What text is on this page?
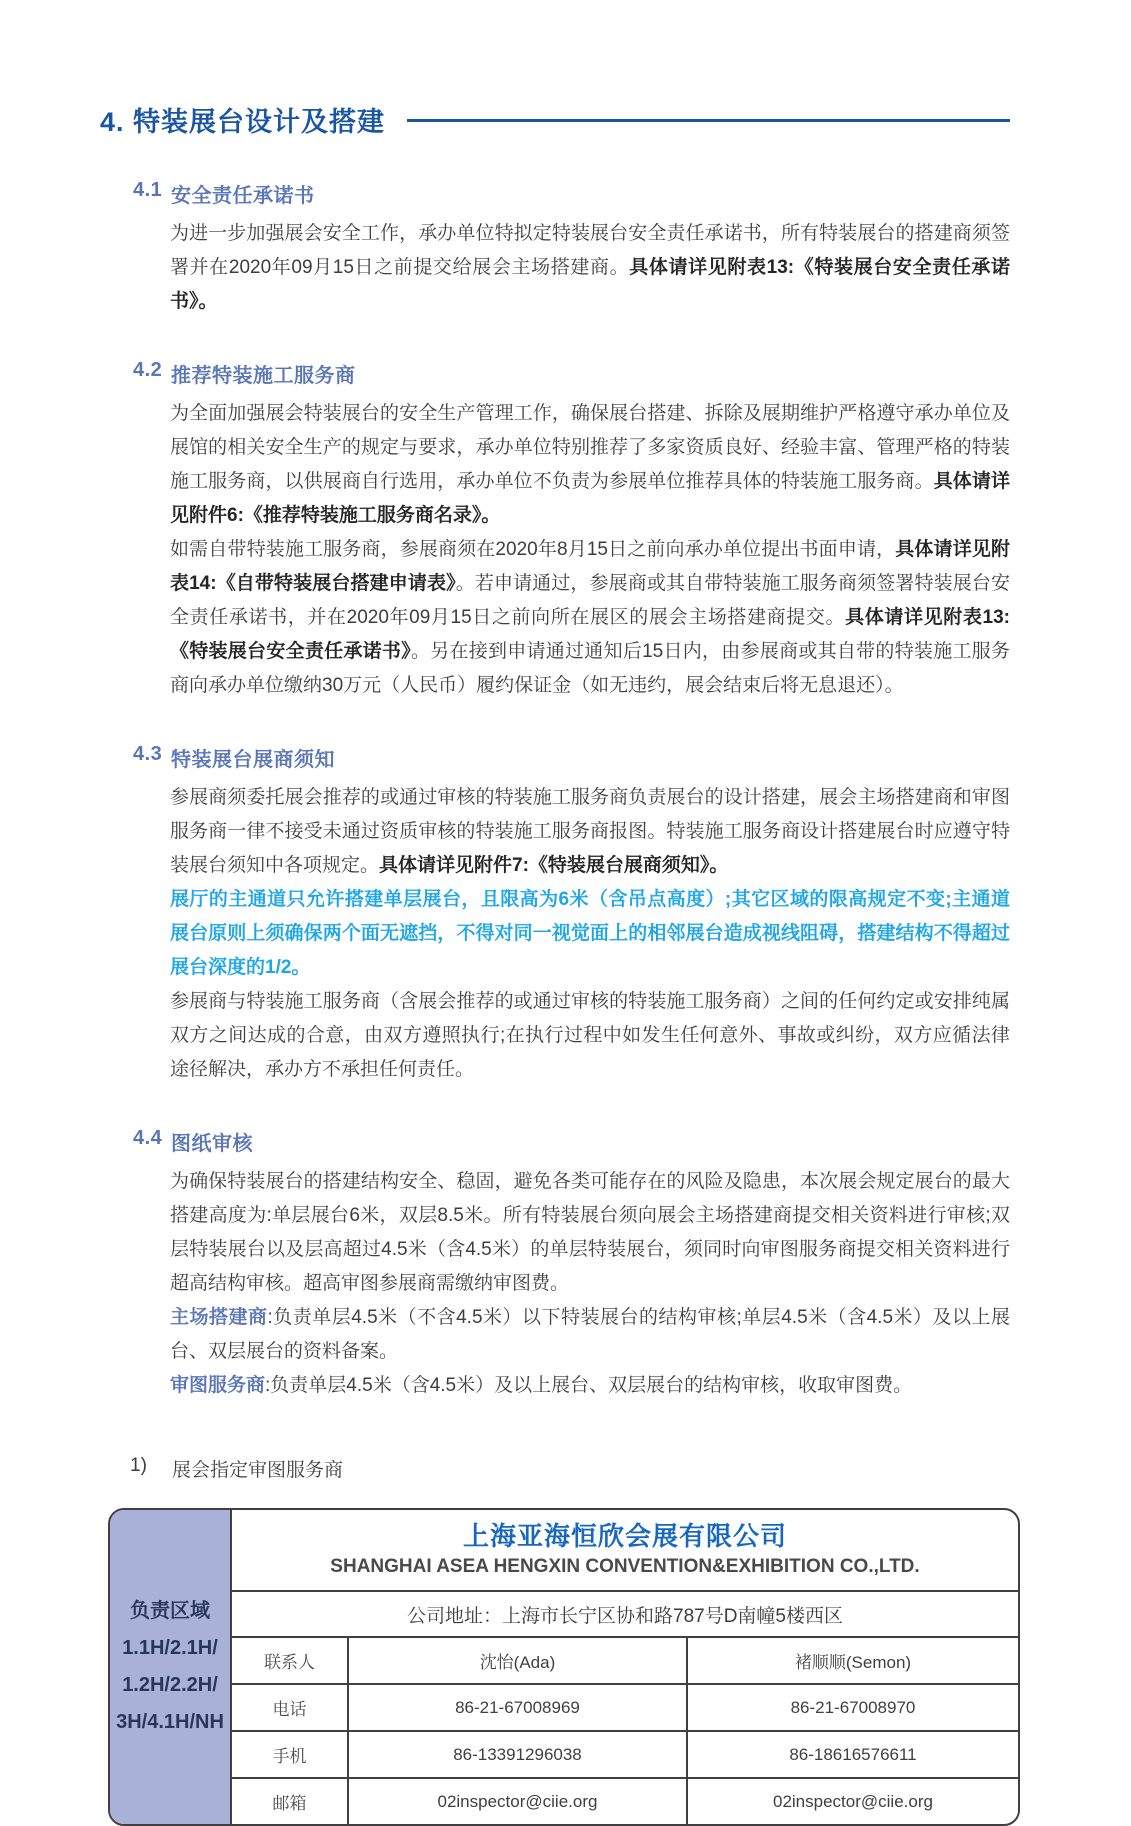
4. 特装展台设计及搭建
4.1 安全责任承诺书

为进一步加强展会安全工作，承办单位特拟定特装展台安全责任承诺书，所有特装展台的搭建商须签署并在2020年09月15日之前提交给展会主场搭建商。具体请详见附表13:《特装展台安全责任承诺书》。

4.2 推荐特装施工服务商

为全面加强展会特装展台的安全生产管理工作，确保展台搭建、拆除及展期维护严格遵守承办单位及展馆的相关安全生产的规定与要求，承办单位特别推荐了多家资质良好、经验丰富、管理严格的特装施工服务商，以供展商自行选用，承办单位不负责为参展单位推荐具体的特装施工服务商。具体请详见附件6:《推荐特装施工服务商名录》。

如需自带特装施工服务商，参展商须在2020年8月15日之前向承办单位提出书面申请，具体请详见附表14:《自带特装展台搭建申请表》。若申请通过，参展商或其自带特装施工服务商须签署特装展台安全责任承诺书，并在2020年09月15日之前向所在展区的展会主场搭建商提交。具体请详见附表13:《特装展台安全责任承诺书》。另在接到申请通过通知后15日内，由参展商或其自带的特装施工服务商向承办单位缴纳30万元（人民币）履约保证金（如无违约，展会结束后将无息退还）。

4.3 特装展台展商须知

参展商须委托展会推荐的或通过审核的特装施工服务商负责展台的设计搭建，展会主场搭建商和审图服务商一律不接受未通过资质审核的特装施工服务商报图。特装施工服务商设计搭建展台时应遵守特装展台须知中各项规定。具体请详见附件7:《特装展台展商须知》。

展厅的主通道只允许搭建单层展台，且限高为6米（含吊点高度）;其它区域的限高规定不变;主通道展台原则上须确保两个面无遮挡，不得对同一视觉面上的相邻展台造成视线阻碍，搭建结构不得超过展台深度的1/2。

参展商与特装施工服务商（含展会推荐的或通过审核的特装施工服务商）之间的任何约定或安排纯属双方之间达成的合意，由双方遵照执行;在执行过程中如发生任何意外、事故或纠纷，双方应循法律途径解决，承办方不承担任何责任。

4.4 图纸审核

为确保特装展台的搭建结构安全、稳固，避免各类可能存在的风险及隐患，本次展会规定展台的最大搭建高度为:单层展台6米，双层8.5米。所有特装展台须向展会主场搭建商提交相关资料进行审核;双层特装展台以及层高超过4.5米（含4.5米）的单层特装展台，须同时向审图服务商提交相关资料进行超高结构审核。超高审图参展商需缴纳审图费。

主场搭建商:负责单层4.5米（不含4.5米）以下特装展台的结构审核;单层4.5米（含4.5米）及以上展台、双层展台的资料备案。

审图服务商:负责单层4.5米（含4.5米）及以上展台、双层展台的结构审核，收取审图费。

1)	展会指定审图服务商
负责区域
1.1H/2.1H/
1.2H/2.2H/
3H/4.1H/NH
上海亚海恒欣会展有限公司
SHANGHAI ASEA HENGXIN CONVENTION&EXHIBITION CO.,LTD.
公司地址：上海市长宁区协和路787号D南幢5楼西区
联系人	沈怡(Ada)	褚顺顺(Semon)
电话	86-21-67008969	86-21-67008970
手机	86-13391296038	86-18616576611
邮箱	02inspector@ciie.org	02inspector@ciie.org
